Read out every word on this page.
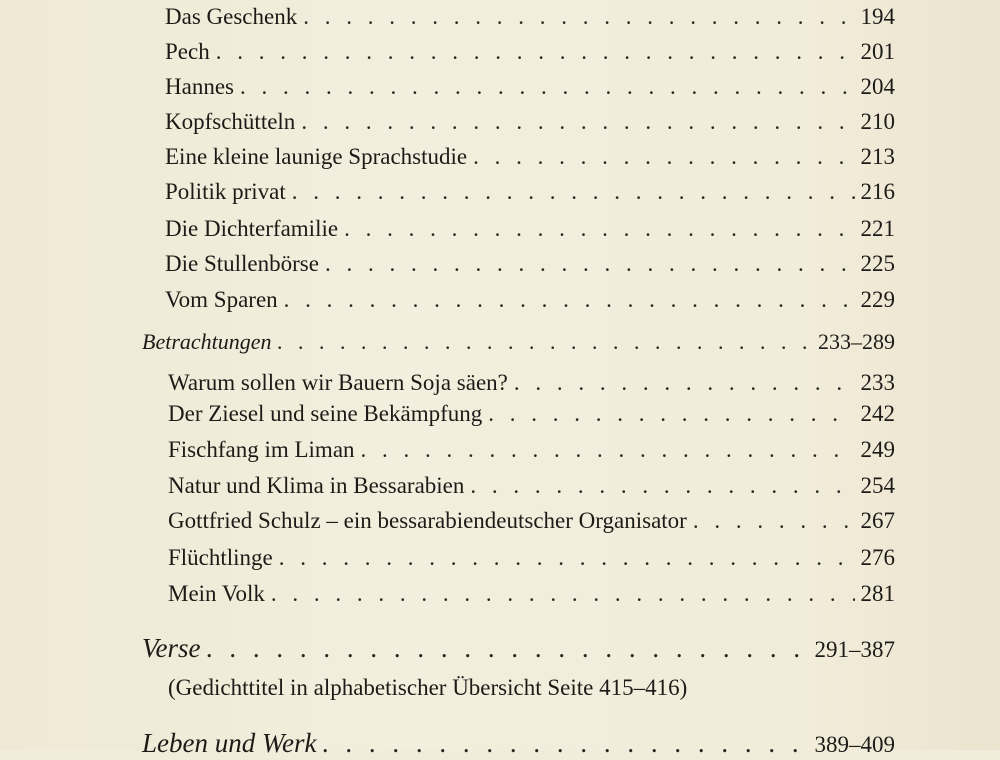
Das Geschenk . . .	194
Pech . . .	201
Hannes . . .	204
Kopfschütteln . . .	210
Eine kleine launige Sprachstudie . . .	213
Politik privat . . .	216
Die Dichterfamilie . . .	221
Die Stullenbörse . . .	225
Vom Sparen . . .	229
Betrachtungen . . .	233–289
Warum sollen wir Bauern Soja säen? . . .	233
Der Ziesel und seine Bekämpfung . . .	242
Fischfang im Liman . . .	249
Natur und Klima in Bessarabien . . .	254
Gottfried Schulz – ein bessarabiendeutscher Organisator . . .	267
Flüchtlinge . . .	276
Mein Volk . . .	281
Verse . . .	291–387
(Gedichttitel in alphabetischer Übersicht Seite 415–416)
Leben und Werk . . .	389–409
